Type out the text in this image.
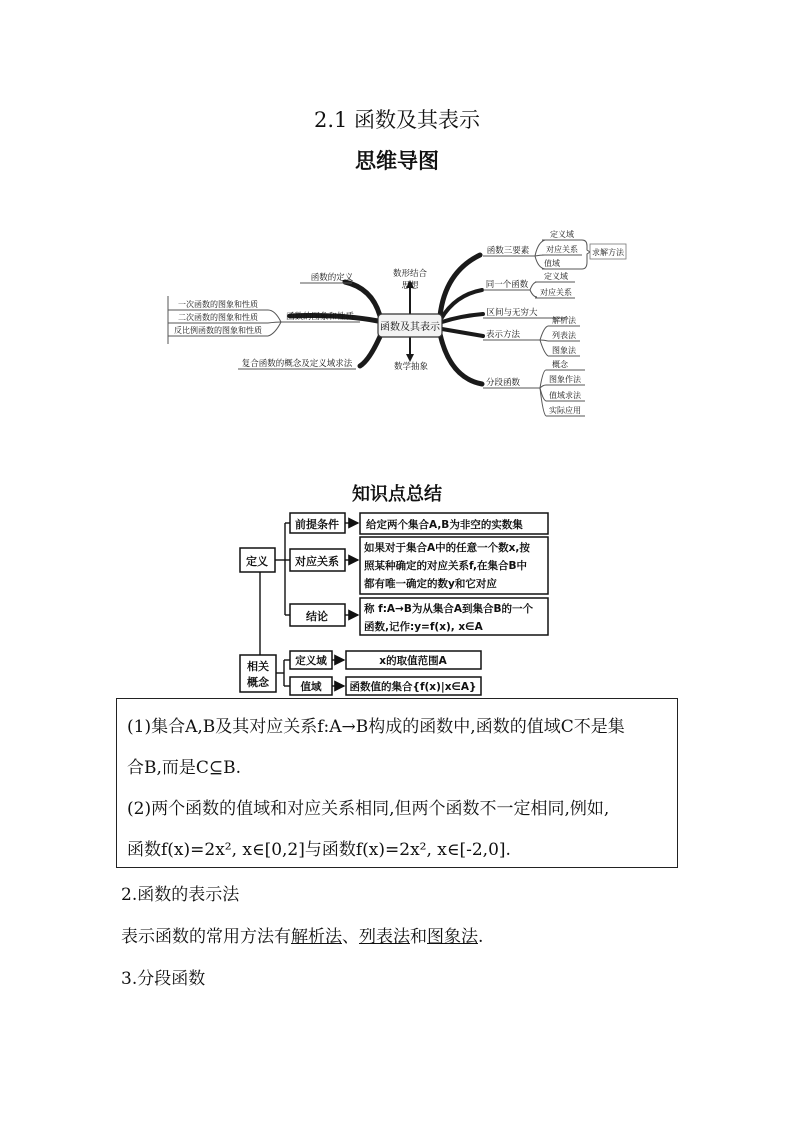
2.1 函数及其表示
思维导图
函数及其表示
数形结合
思想
数学抽象
函数的定义
函数的图象和性质
一次函数的图象和性质
二次函数的图象和性质
反比例函数的图象和性质
复合函数的概念及定义域求法
函数三要素
定义域
对应关系
值域
求解方法
同一个函数
定义域
对应关系
区间与无穷大
表示方法
解析法
列表法
图象法
分段函数
概念
图象作法
值域求法
实际应用
知识点总结
定义
前提条件
对应关系
结论
相关
概念
定义域
值域
给定两个集合A,B为非空的实数集
如果对于集合A中的任意一个数x,按
照某种确定的对应关系f,在集合B中
都有唯一确定的数y和它对应
称 f:A→B为从集合A到集合B的一个
函数,记作:y=f(x), x∈A
x的取值范围A
函数值的集合{f(x)|x∈A}
(1)集合A,B及其对应关系f:A→B构成的函数中,函数的值域C不是集
合B,而是C⊆B.
(2)两个函数的值域和对应关系相同,但两个函数不一定相同,例如,
函数f(x)=2x², x∈[0,2]与函数f(x)=2x², x∈[-2,0].
2.函数的表示法
表示函数的常用方法有解析法、列表法和图象法.
3.分段函数
